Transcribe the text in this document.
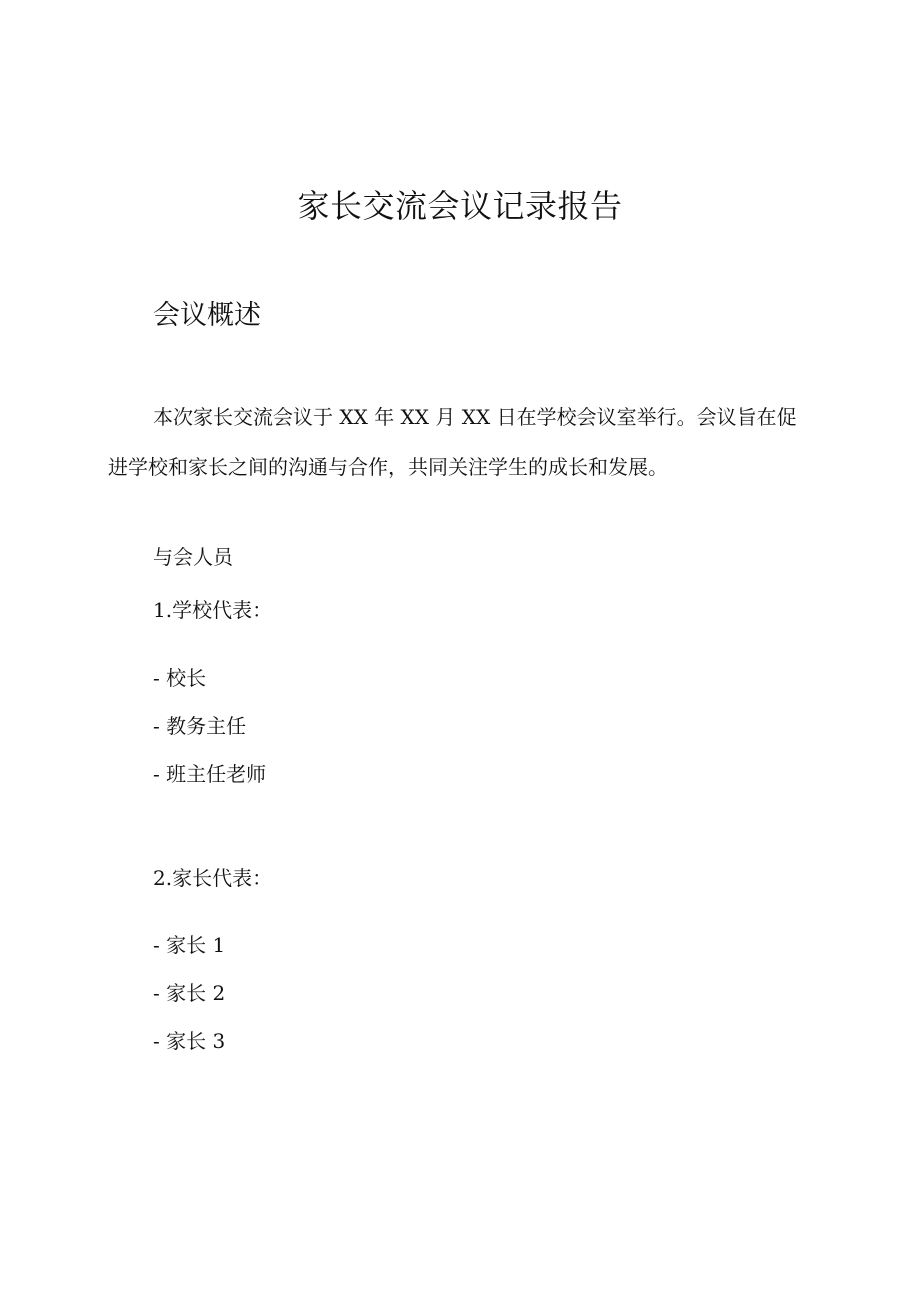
家长交流会议记录报告
会议概述

本次家长交流会议于 XX 年 XX 月 XX 日在学校会议室举行。会议旨在促进学校和家长之间的沟通与合作，共同关注学生的成长和发展。

与会人员
1.学校代表：
- 校长
- 教务主任
- 班主任老师
2.家长代表：
- 家长 1
- 家长 2
- 家长 3
